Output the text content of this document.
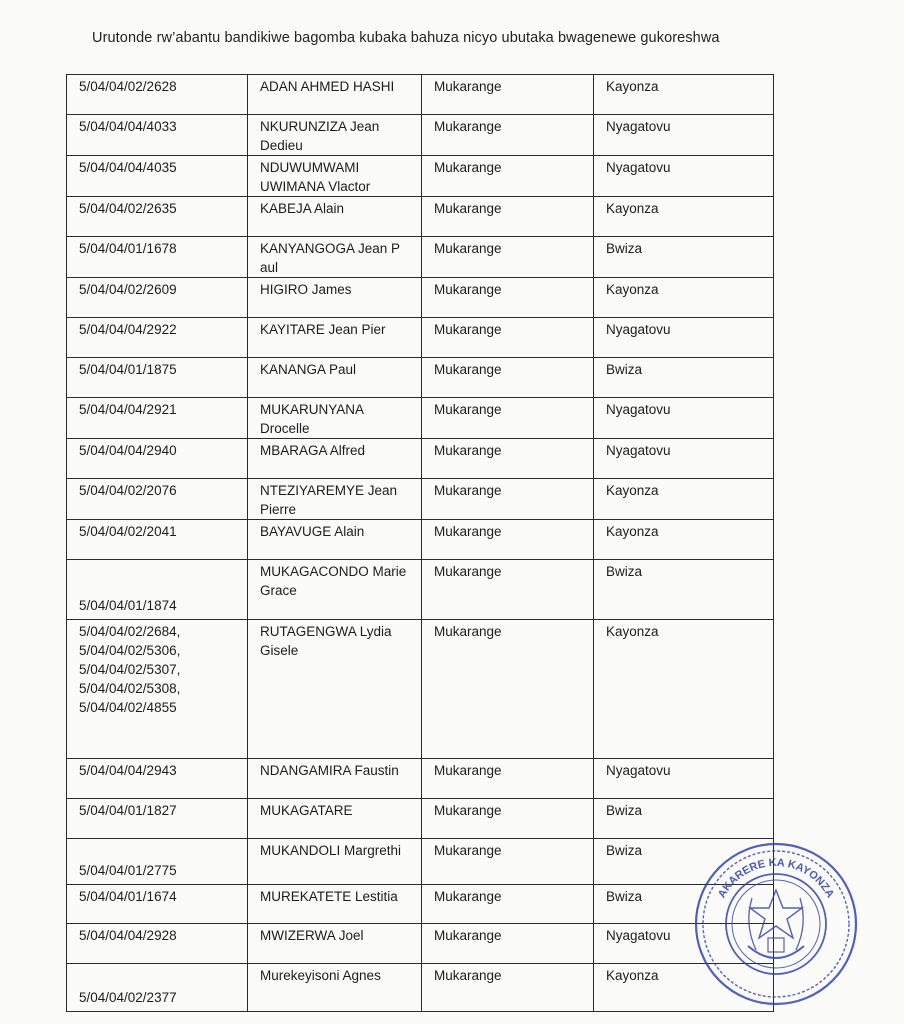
Urutonde rw’abantu bandikiwe bagomba kubaka bahuza nicyo ubutaka bwagenewe gukoreshwa
5/04/04/02/2628	ADAN AHMED HASHI	Mukarange	Kayonza

5/04/04/04/4033	NKURUNZIZA Jean Dedieu	Mukarange	Nyagatovu

5/04/04/04/4035	NDUWUMWAMI UWIMANA Vlactor	Mukarange	Nyagatovu

5/04/04/02/2635	KABEJA Alain	Mukarange	Kayonza

5/04/04/01/1678	KANYANGOGA Jean P aul	Mukarange	Bwiza

5/04/04/02/2609	HIGIRO James	Mukarange	Kayonza

5/04/04/04/2922	KAYITARE Jean Pier	Mukarange	Nyagatovu

5/04/04/01/1875	KANANGA Paul	Mukarange	Bwiza

5/04/04/04/2921	MUKARUNYANA Drocelle	Mukarange	Nyagatovu

5/04/04/04/2940	MBARAGA Alfred	Mukarange	Nyagatovu

5/04/04/02/2076	NTEZIYAREMYE Jean Pierre	Mukarange	Kayonza

5/04/04/02/2041	BAYAVUGE Alain	Mukarange	Kayonza

5/04/04/01/1874	MUKAGACONDO Marie Grace	Mukarange	Bwiza

5/04/04/02/2684,
5/04/04/02/5306,
5/04/04/02/5307,
5/04/04/02/5308,
5/04/04/02/4855	RUTAGENGWA Lydia Gisele	Mukarange	Kayonza

5/04/04/04/2943	NDANGAMIRA Faustin	Mukarange	Nyagatovu

5/04/04/01/1827	MUKAGATARE	Mukarange	Bwiza

5/04/04/01/2775	MUKANDOLI Margrethi	Mukarange	Bwiza

5/04/04/01/1674	MUREKATETE Lestitia	Mukarange	Bwiza

5/04/04/04/2928	MWIZERWA Joel	Mukarange	Nyagatovu

5/04/04/02/2377	Murekeyisoni Agnes	Mukarange	Kayonza
AKARERE KA KAYONZA
